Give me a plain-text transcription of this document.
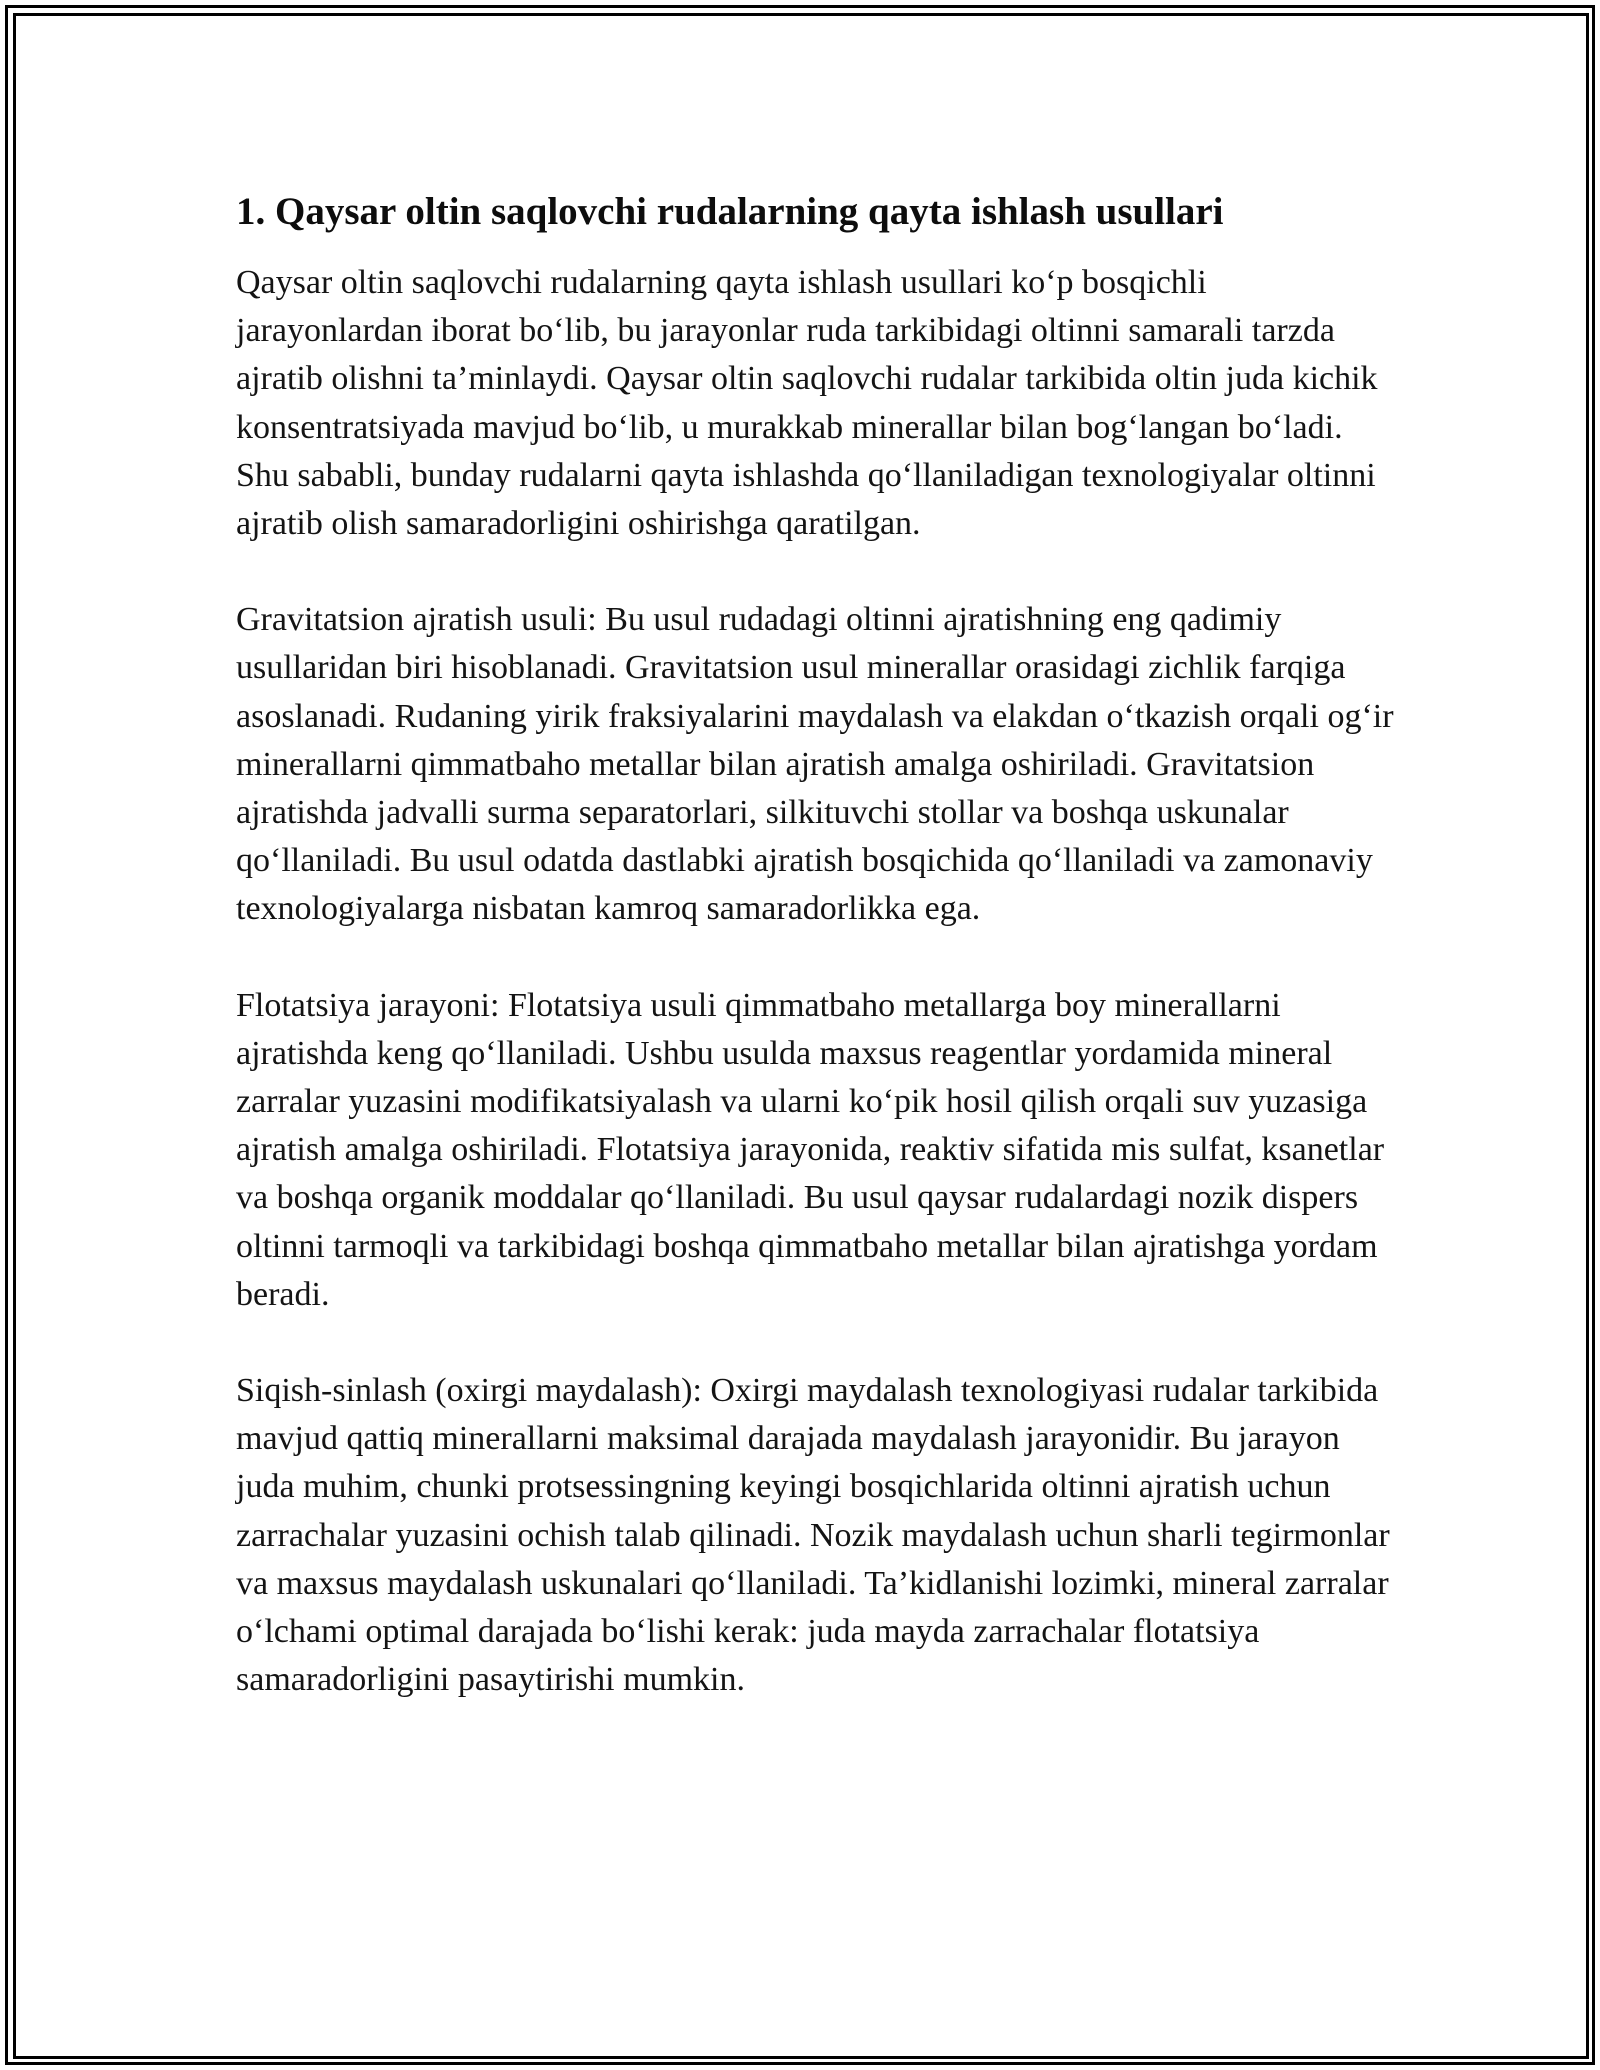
1. Qaysar oltin saqlovchi rudalarning qayta ishlash usullari

Qaysar oltin saqlovchi rudalarning qayta ishlash usullari ko‘p bosqichli jarayonlardan iborat bo‘lib, bu jarayonlar ruda tarkibidagi oltinni samarali tarzda ajratib olishni ta’minlaydi. Qaysar oltin saqlovchi rudalar tarkibida oltin juda kichik konsentratsiyada mavjud bo‘lib, u murakkab minerallar bilan bog‘langan bo‘ladi. Shu sababli, bunday rudalarni qayta ishlashda qo‘llaniladigan texnologiyalar oltinni ajratib olish samaradorligini oshirishga qaratilgan.

Gravitatsion ajratish usuli: Bu usul rudadagi oltinni ajratishning eng qadimiy usullaridan biri hisoblanadi. Gravitatsion usul minerallar orasidagi zichlik farqiga asoslanadi. Rudaning yirik fraksiyalarini maydalash va elakdan o‘tkazish orqali og‘ir minerallarni qimmatbaho metallar bilan ajratish amalga oshiriladi. Gravitatsion ajratishda jadvalli surma separatorlari, silkituvchi stollar va boshqa uskunalar qo‘llaniladi. Bu usul odatda dastlabki ajratish bosqichida qo‘llaniladi va zamonaviy texnologiyalarga nisbatan kamroq samaradorlikka ega.

Flotatsiya jarayoni: Flotatsiya usuli qimmatbaho metallarga boy minerallarni ajratishda keng qo‘llaniladi. Ushbu usulda maxsus reagentlar yordamida mineral zarralar yuzasini modifikatsiyalash va ularni ko‘pik hosil qilish orqali suv yuzasiga ajratish amalga oshiriladi. Flotatsiya jarayonida, reaktiv sifatida mis sulfat, ksanetlar va boshqa organik moddalar qo‘llaniladi. Bu usul qaysar rudalardagi nozik dispers oltinni tarmoqli va tarkibidagi boshqa qimmatbaho metallar bilan ajratishga yordam beradi.

Siqish-sinlash (oxirgi maydalash): Oxirgi maydalash texnologiyasi rudalar tarkibida mavjud qattiq minerallarni maksimal darajada maydalash jarayonidir. Bu jarayon juda muhim, chunki protsessingning keyingi bosqichlarida oltinni ajratish uchun zarrachalar yuzasini ochish talab qilinadi. Nozik maydalash uchun sharli tegirmonlar va maxsus maydalash uskunalari qo‘llaniladi. Ta’kidlanishi lozimki, mineral zarralar o‘lchami optimal darajada bo‘lishi kerak: juda mayda zarrachalar flotatsiya samaradorligini pasaytirishi mumkin.
